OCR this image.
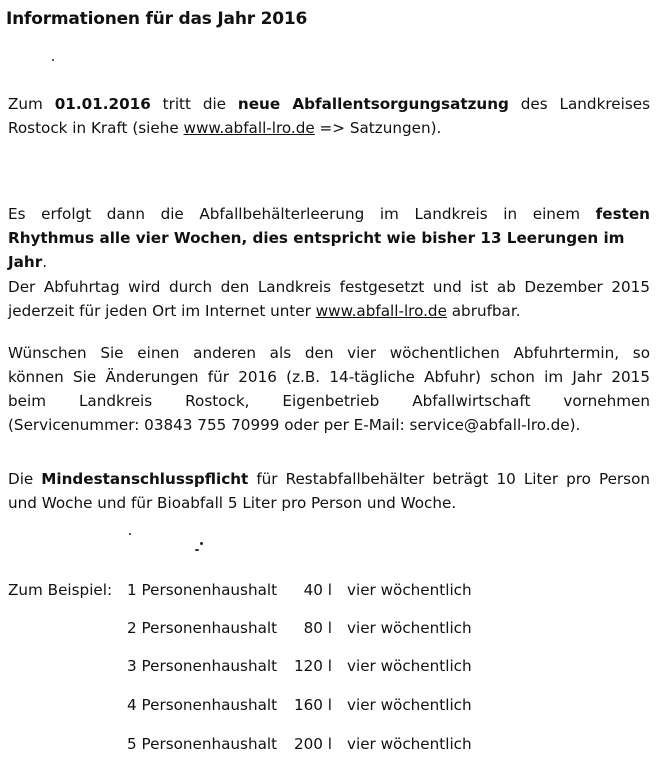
Informationen für das Jahr 2016
Zum 01.01.2016 tritt die neue Abfallentsorgungsatzung des Landkreises
Rostock in Kraft (siehe www.abfall-lro.de => Satzungen).
Es erfolgt dann die Abfallbehälterleerung im Landkreis in einem festen
Rhythmus alle vier Wochen, dies entspricht wie bisher 13 Leerungen im Jahr.
Der Abfuhrtag wird durch den Landkreis festgesetzt und ist ab Dezember 2015
jederzeit für jeden Ort im Internet unter www.abfall-lro.de abrufbar.
Wünschen Sie einen anderen als den vier wöchentlichen Abfuhrtermin, so
können Sie Änderungen für 2016 (z.B. 14-tägliche Abfuhr) schon im Jahr 2015
beim Landkreis Rostock, Eigenbetrieb Abfallwirtschaft vornehmen
(Servicenummer: 03843 755 70999 oder per E-Mail: service@abfall-lro.de).
Die Mindestanschlusspflicht für Restabfallbehälter beträgt 10 Liter pro Person
und Woche und für Bioabfall 5 Liter pro Person und Woche.
Zum Beispiel: 1 Personenhaushalt	40 l vier wöchentlich
2 Personenhaushalt	80 l vier wöchentlich
3 Personenhaushalt 120 l vier wöchentlich
4 Personenhaushalt 160 l vier wöchentlich
5 Personenhaushalt 200 l vier wöchentlich
